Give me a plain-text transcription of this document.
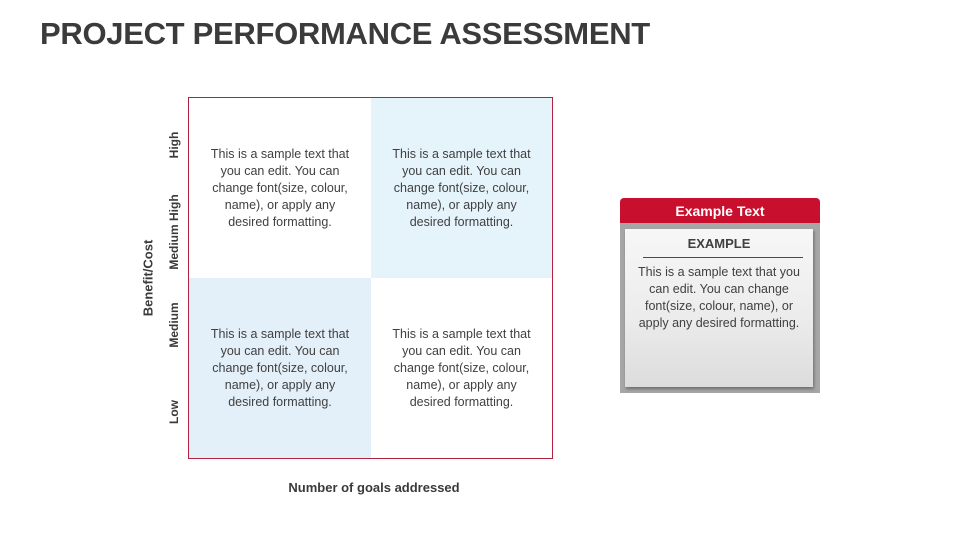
PROJECT PERFORMANCE ASSESSMENT
Benefit/Cost
High
Medium High
Medium
Low
This is a sample text that you can edit. You can change font(size, colour, name), or apply any desired formatting.
This is a sample text that you can edit. You can change font(size, colour, name), or apply any desired formatting.
This is a sample text that you can edit. You can change font(size, colour, name), or apply any desired formatting.
This is a sample text that you can edit. You can change font(size, colour, name), or apply any desired formatting.
Number of goals addressed
Example Text
EXAMPLE
This is a sample text that you can edit. You can change font(size, colour, name), or apply any desired formatting.
